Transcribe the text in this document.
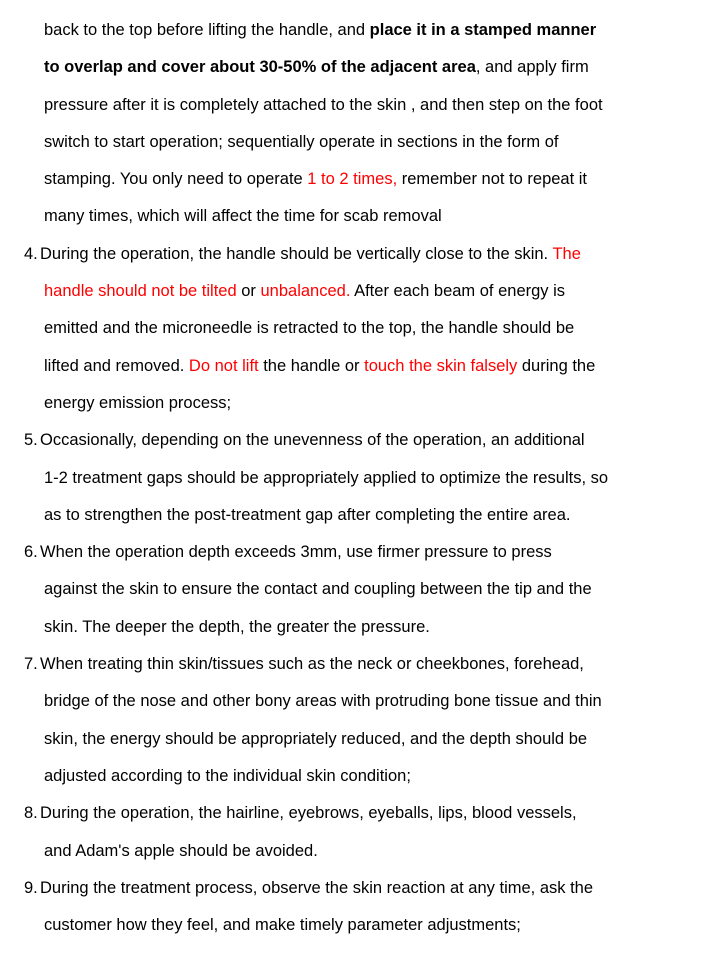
back to the top before lifting the handle, and place it in a stamped manner
to overlap and cover about 30-50% of the adjacent area, and apply firm
pressure after it is completely attached to the skin , and then step on the foot
switch to start operation; sequentially operate in sections in the form of
stamping. You only need to operate 1 to 2 times, remember not to repeat it
many times, which will affect the time for scab removal
4. During the operation, the handle should be vertically close to the skin. The
handle should not be tilted or unbalanced. After each beam of energy is
emitted and the microneedle is retracted to the top, the handle should be
lifted and removed. Do not lift the handle or touch the skin falsely during the
energy emission process;
5. Occasionally, depending on the unevenness of the operation, an additional
1-2 treatment gaps should be appropriately applied to optimize the results, so
as to strengthen the post-treatment gap after completing the entire area.
6. When the operation depth exceeds 3mm, use firmer pressure to press
against the skin to ensure the contact and coupling between the tip and the
skin. The deeper the depth, the greater the pressure.
7. When treating thin skin/tissues such as the neck or cheekbones, forehead,
bridge of the nose and other bony areas with protruding bone tissue and thin
skin, the energy should be appropriately reduced, and the depth should be
adjusted according to the individual skin condition;
8. During the operation, the hairline, eyebrows, eyeballs, lips, blood vessels,
and Adam's apple should be avoided.
9. During the treatment process, observe the skin reaction at any time, ask the
customer how they feel, and make timely parameter adjustments;
